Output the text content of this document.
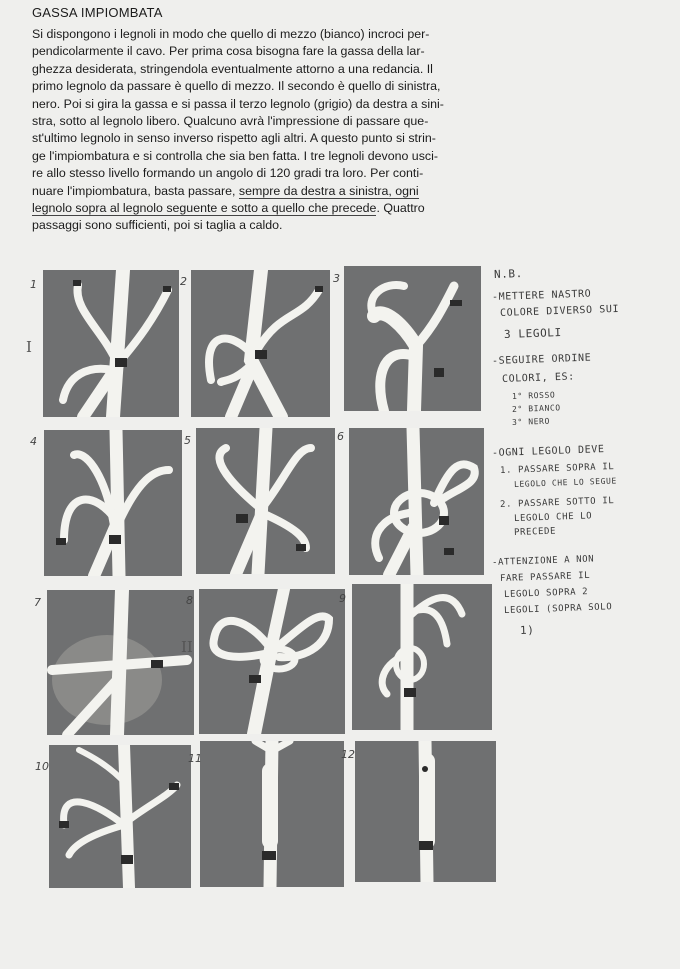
GASSA IMPIOMBATA
Si dispongono i legnoli in modo che quello di mezzo (bianco) incroci per-
pendicolarmente il cavo. Per prima cosa bisogna fare la gassa della lar-
ghezza desiderata, stringendola eventualmente attorno a una redancia. Il
primo legnolo da passare è quello di mezzo. Il secondo è quello di sinistra,
nero. Poi si gira la gassa e si passa il terzo legnolo (grigio) da destra a sini-
stra, sotto al legnolo libero. Qualcuno avrà l'impressione di passare que-
st'ultimo legnolo in senso inverso rispetto agli altri. A questo punto si strin-
ge l'impiombatura e si controlla che sia ben fatta. I tre legnoli devono usci-
re allo stesso livello formando un angolo di 120 gradi tra loro. Per conti-
nuare l'impiombatura, basta passare, sempre da destra a sinistra, ogni
legnolo sopra al legnolo seguente e sotto a quello che precede. Quattro
passaggi sono sufficienti, poi si taglia a caldo.
1	2	3
4	5	6
7	8	9
10
11	12
I
II
N.B.
-METTERE NASTRO
COLORE DIVERSO SUI
3 LEGOLI
-SEGUIRE ORDINE
COLORI, ES:
1° ROSSO
2° BIANCO
3° NERO
-OGNI LEGOLO DEVE
1. PASSARE SOPRA IL
LEGOLO CHE LO SEGUE
2. PASSARE SOTTO IL
LEGOLO CHE LO
PRECEDE
-ATTENZIONE A NON
FARE PASSARE IL
LEGOLO SOPRA 2
LEGOLI (SOPRA SOLO
1)
